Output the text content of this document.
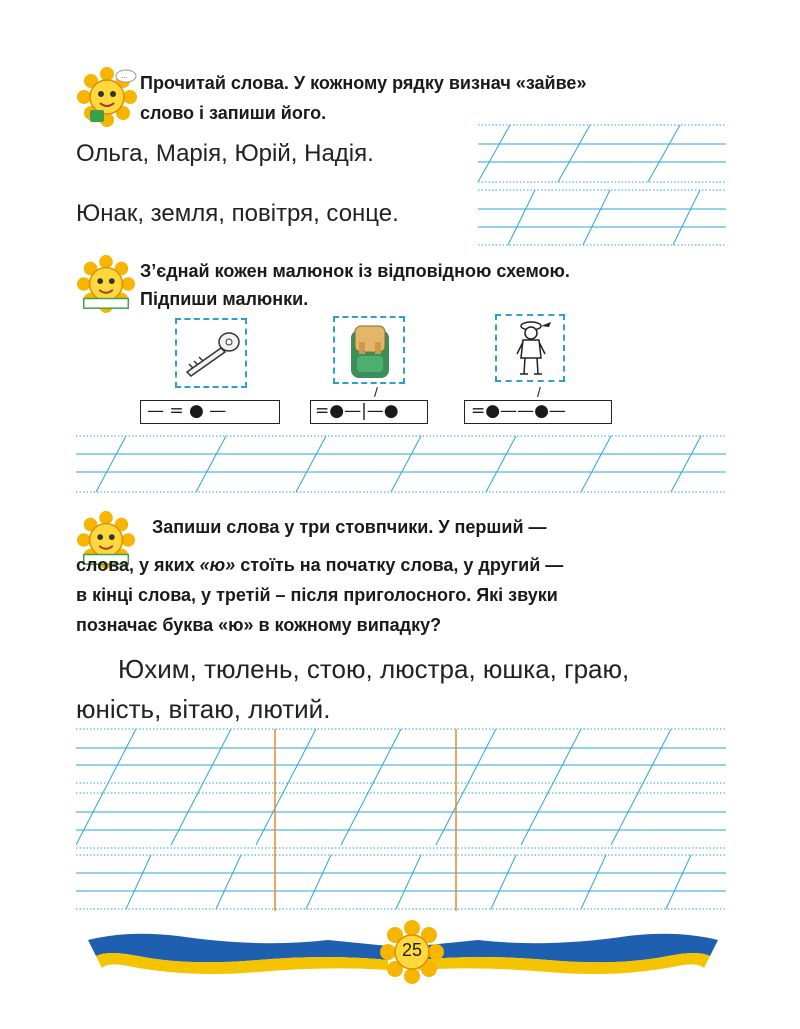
... Прочитай слова. У кожному рядку визнач «зайве»
слово і запиши його.
Ольга, Марія, Юрій, Надія.
Юнак, земля, повітря, сонце.
З’єднай кожен малюнок із відповідною схемою.
Підпиши малюнки.
/	/
— = ● —	=●—|—●	=●——●—
Запиши слова у три стовпчики. У перший —
слова, у яких «ю» стоїть на початку слова, у другий —
в кінці слова, у третій – після приголосного. Які звуки
позначає буква «ю» в кожному випадку?
Юхим, тюлень, стою, люстра, юшка, граю,
юність, вітаю, лютий.
25
